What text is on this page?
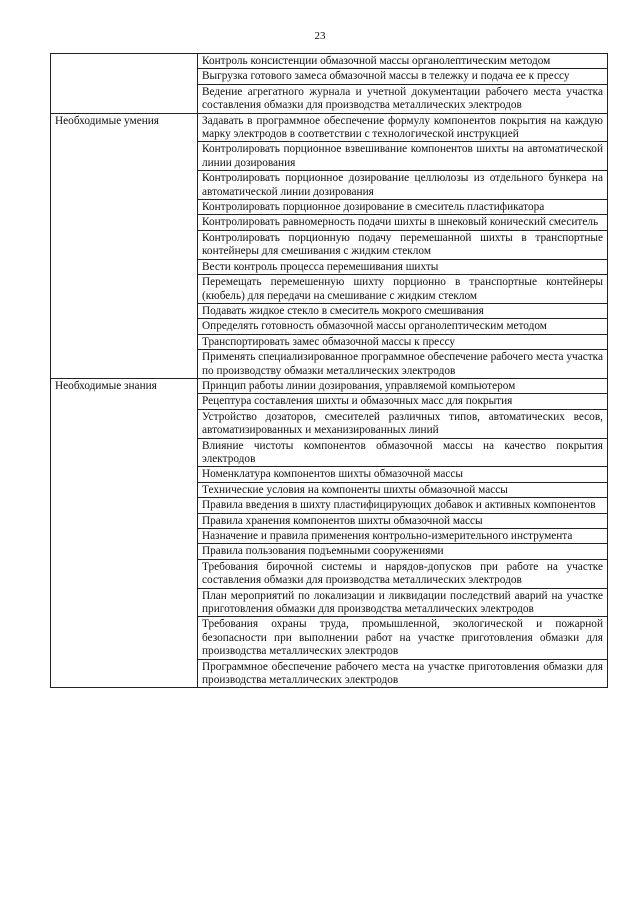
23
	Контроль консистенции обмазочной массы органолептическим методом
	Выгрузка готового замеса обмазочной массы в тележку и подача ее к прессу
	Ведение агрегатного журнала и учетной документации рабочего места участка составления обмазки для производства металлических электродов
Необходимые умения	Задавать в программное обеспечение формулу компонентов покрытия на каждую марку электродов в соответствии с технологической инструкцией
	Контролировать порционное взвешивание компонентов шихты на автоматической линии дозирования
	Контролировать порционное дозирование целлюлозы из отдельного бункера на автоматической линии дозирования
	Контролировать порционное дозирование в смеситель пластификатора
	Контролировать равномерность подачи шихты в шнековый конический смеситель
	Контролировать порционную подачу перемешанной шихты в транспортные контейнеры для смешивания с жидким стеклом
	Вести контроль процесса перемешивания шихты
	Перемещать перемешенную шихту порционно в транспортные контейнеры (кюбель) для передачи на смешивание с жидким стеклом
	Подавать жидкое стекло в смеситель мокрого смешивания
	Определять готовность обмазочной массы органолептическим методом
	Транспортировать замес обмазочной массы к прессу
	Применять специализированное программное обеспечение рабочего места участка по производству обмазки металлических электродов
Необходимые знания	Принцип работы линии дозирования, управляемой компьютером
	Рецептура составления шихты и обмазочных масс для покрытия
	Устройство дозаторов, смесителей различных типов, автоматических весов, автоматизированных и механизированных линий
	Влияние чистоты компонентов обмазочной массы на качество покрытия электродов
	Номенклатура компонентов шихты обмазочной массы
	Технические условия на компоненты шихты обмазочной массы
	Правила введения в шихту пластифицирующих добавок и активных компонентов
	Правила хранения компонентов шихты обмазочной массы
	Назначение и правила применения контрольно-измерительного инструмента
	Правила пользования подъемными сооружениями
	Требования бирочной системы и нарядов-допусков при работе на участке составления обмазки для производства металлических электродов
	План мероприятий по локализации и ликвидации последствий аварий на участке приготовления обмазки для производства металлических электродов
	Требования охраны труда, промышленной, экологической и пожарной безопасности при выполнении работ на участке приготовления обмазки для производства металлических электродов
	Программное обеспечение рабочего места на участке приготовления обмазки для производства металлических электродов
